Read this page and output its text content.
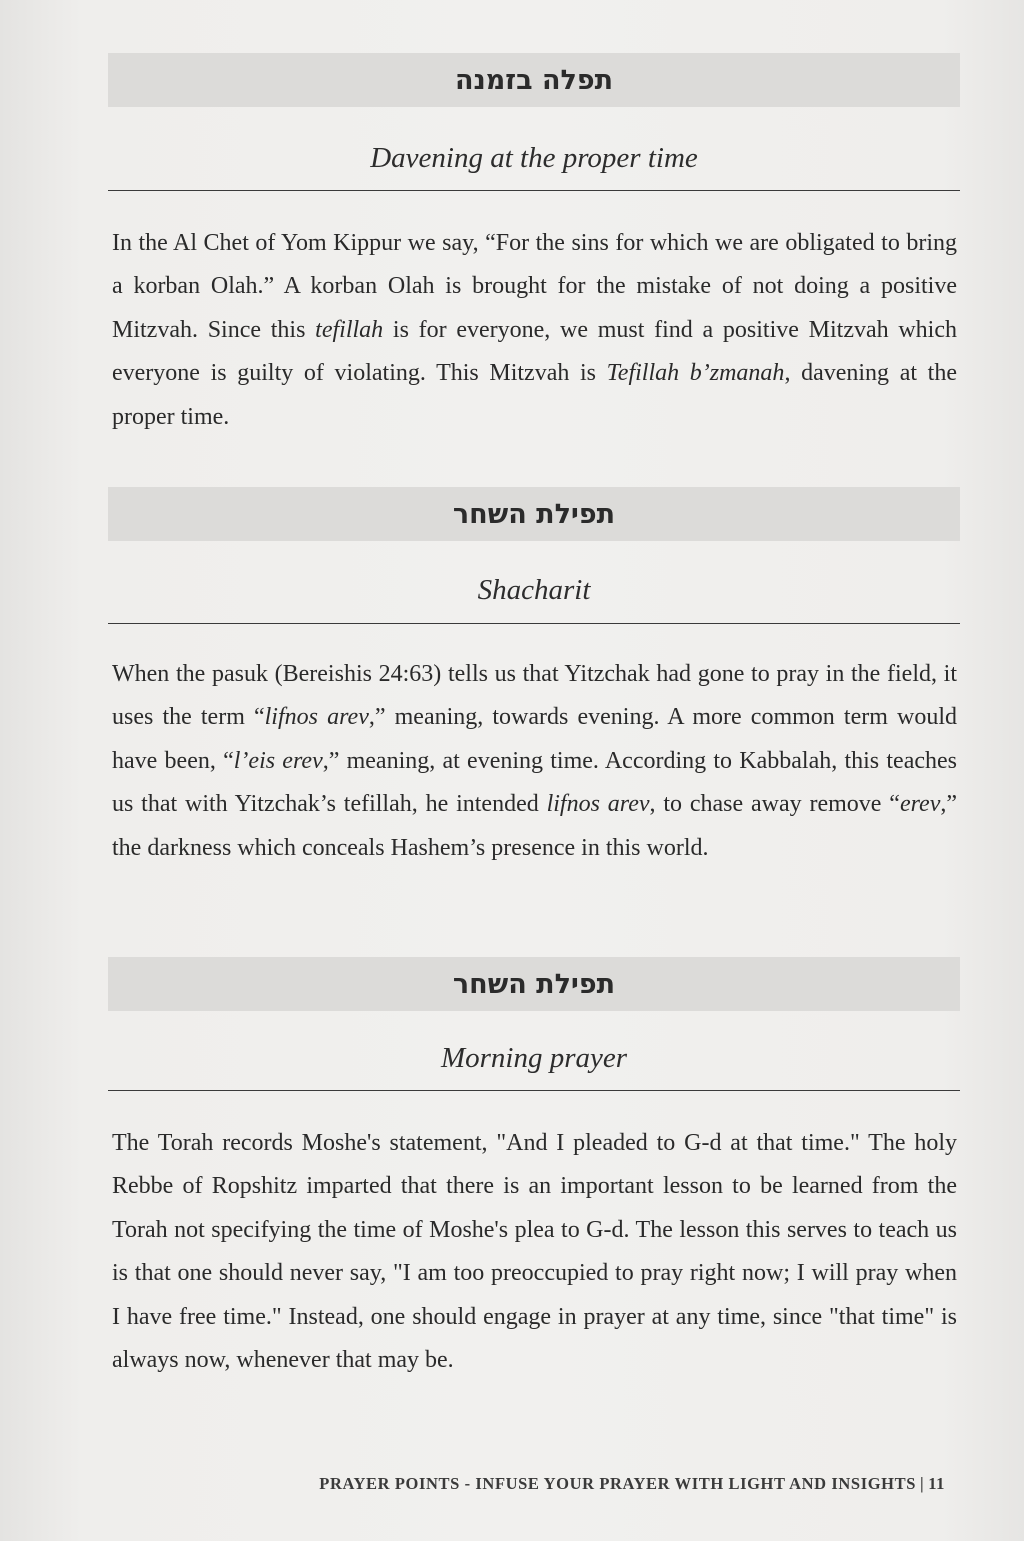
תפלה בזמנה
Davening at the proper time
In the Al Chet of Yom Kippur we say, “For the sins for which we are obligated to bring a korban Olah.” A korban Olah is brought for the mistake of not doing a positive Mitzvah. Since this tefillah is for everyone, we must find a positive Mitzvah which everyone is guilty of violating. This Mitzvah is Tefillah b’zmanah, davening at the proper time.
תפילת השחר
Shacharit
When the pasuk (Bereishis 24:63) tells us that Yitzchak had gone to pray in the field, it uses the term “lifnos arev,” meaning, towards evening. A more common term would have been, “l’eis erev,” meaning, at evening time. According to Kabbalah, this teaches us that with Yitzchak’s tefillah, he intended lifnos arev, to chase away remove “erev,” the darkness which conceals Hashem’s presence in this world.
תפילת השחר
Morning prayer
The Torah records Moshe's statement, "And I pleaded to G-d at that time." The holy Rebbe of Ropshitz imparted that there is an important lesson to be learned from the Torah not specifying the time of Moshe's plea to G-d. The lesson this serves to teach us is that one should never say, "I am too preoccupied to pray right now; I will pray when I have free time." Instead, one should engage in prayer at any time, since "that time" is always now, whenever that may be.
PRAYER POINTS - INFUSE YOUR PRAYER WITH LIGHT AND INSIGHTS | 11
